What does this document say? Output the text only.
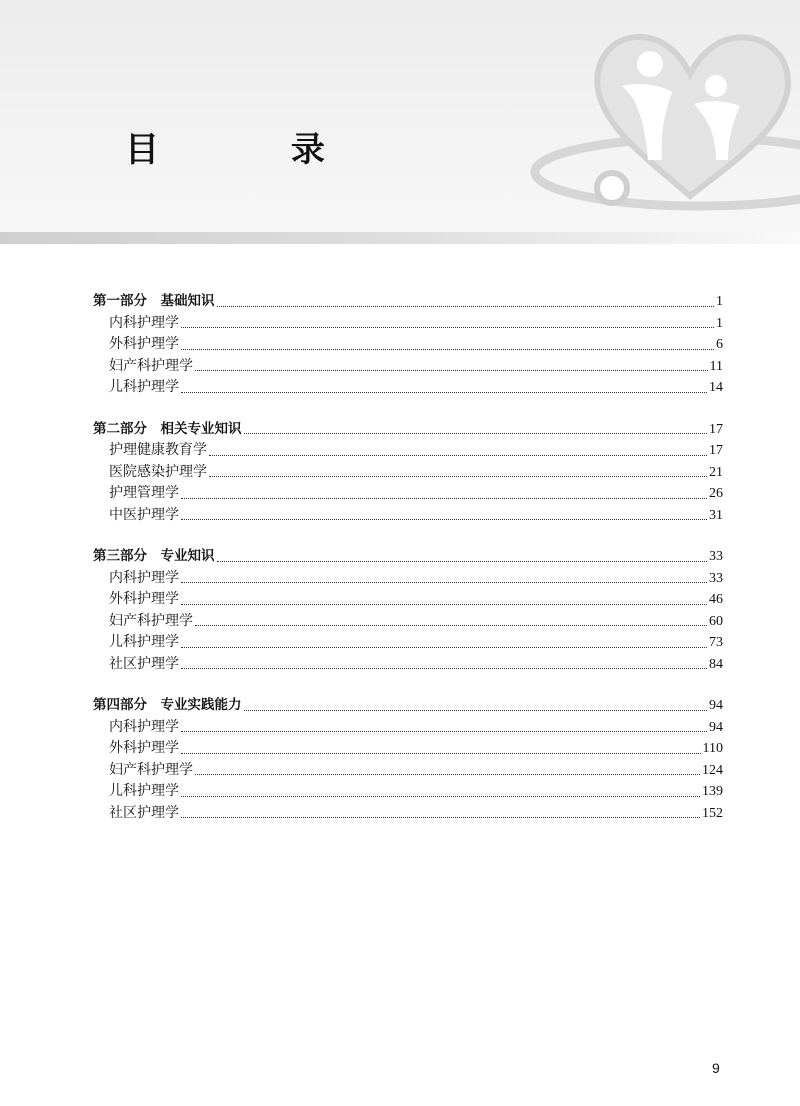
目 录
第一部分　基础知识	1
内科护理学	1
外科护理学	6
妇产科护理学	11
儿科护理学	14
第二部分　相关专业知识	17
护理健康教育学	17
医院感染护理学	21
护理管理学	26
中医护理学	31
第三部分　专业知识	33
内科护理学	33
外科护理学	46
妇产科护理学	60
儿科护理学	73
社区护理学	84
第四部分　专业实践能力	94
内科护理学	94
外科护理学	110
妇产科护理学	124
儿科护理学	139
社区护理学	152
9
